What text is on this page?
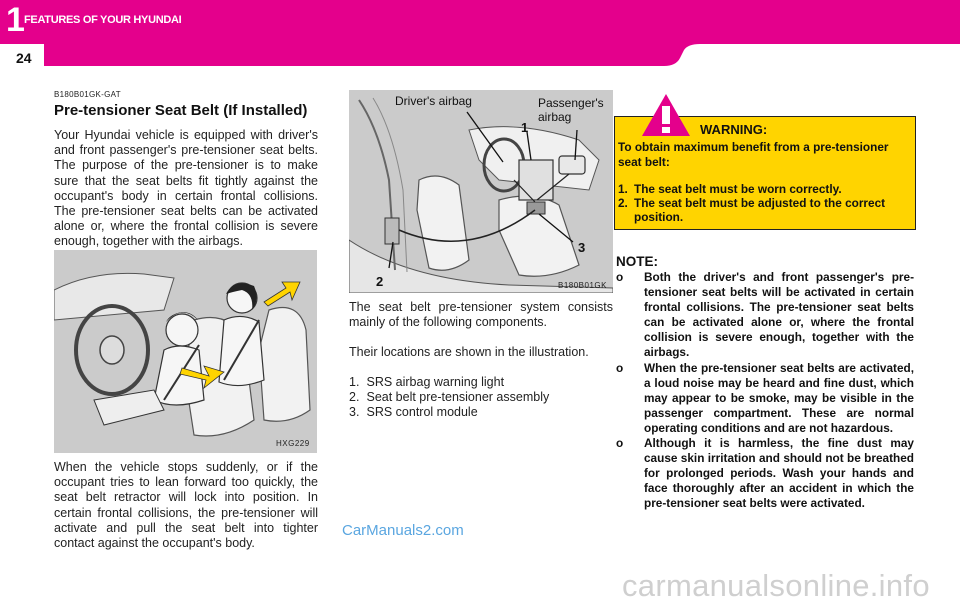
1 FEATURES OF YOUR HYUNDAI
24
B180B01GK-GAT
Pre-tensioner Seat Belt (If Installed)

Your Hyundai vehicle is equipped with driver's and front passenger's pre-tensioner seat belts. The purpose of the pre-tensioner is to make sure that the seat belts fit tightly against the occupant's body in certain frontal collisions. The pre-tensioner seat belts can be activated alone or, where the frontal collision is severe enough, together with the airbags.

HXG229

When the vehicle stops suddenly, or if the occupant tries to lean forward too quickly, the seat belt retractor will lock into position. In certain frontal collisions, the pre-tensioner will activate and pull the seat belt into tighter contact against the occupant's body.

Driver's airbag	Passenger's
airbag
1
2
3
B180B01GK

The seat belt pre-tensioner system consists mainly of the following components.

Their locations are shown in the illustration.

1.
SRS airbag warning light
2.
Seat belt pre-tensioner assembly
3.
SRS control module
CarManuals2.com
WARNING:
To obtain maximum benefit from a pre-tensioner seat belt:
1. The seat belt must be worn correctly.
2. The seat belt must be adjusted to the correct position.
NOTE:
o	Both the driver's and front passenger's pre-tensioner seat belts will be activated in certain frontal collisions. The pre-tensioner seat belts can be activated alone or, where the frontal collision is severe enough, together with the airbags.
o	When the pre-tensioner seat belts are activated, a loud noise may be heard and fine dust, which may appear to be smoke, may be visible in the passenger compartment. These are normal operating conditions and are not hazardous.
o	Although it is harmless, the fine dust may cause skin irritation and should not be breathed for prolonged periods. Wash your hands and face thoroughly after an accident in which the pre-tensioner seat belts were activated.
carmanualsonline.info
